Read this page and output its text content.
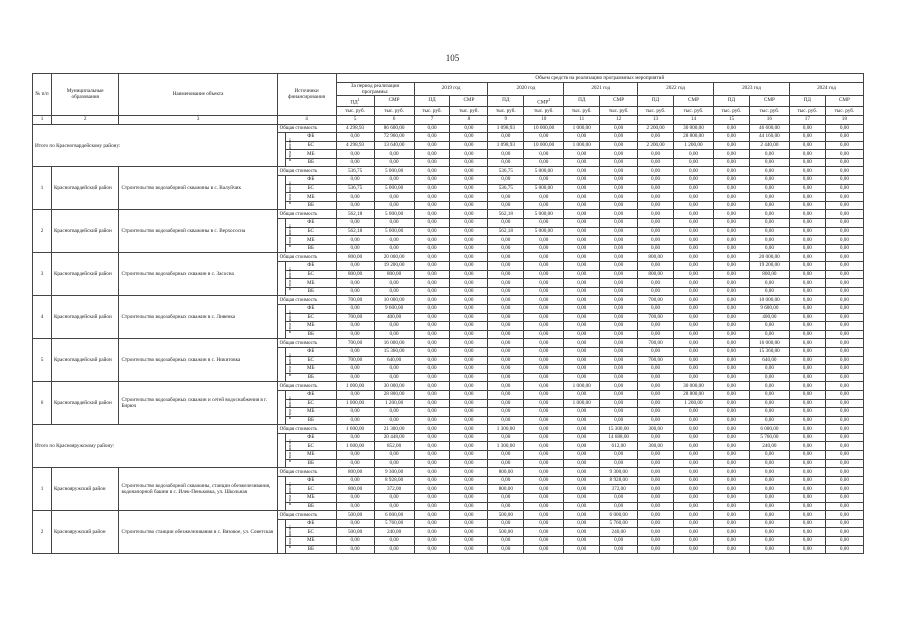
105
№ п/п	Муниципальные образования	Наименование объекта	Источники финансирования		Объем средств на реализацию программных мероприятий													
					За период реализации программы:		2019 год		2020 год		2021 год		2022 год		2023 год		2024 год	
					$ПД^1$	СМР	ПД	СМР	ПД	СМР$^2$	ПД	СМР	ПД	СМР	ПД	СМР	ПД	СМР
					тыс. руб.	тыс. руб.	тыс. руб.	тыс. руб.	тыс. руб.	тыс. руб.	тыс. руб.	тыс. руб.	тыс. руб.	тыс. руб.	тыс. руб.	тыс. руб.	тыс. руб.	тыс. руб.
1	2	3	4		5	6	7	8	9	10	11	12	13	14	15	16	17	18
Итого по Красногвардейскому району:			Общая стоимость		4 298,93	86 600,00	0,00	0,00	1 098,93	10 000,00	1 000,00	0,00	2 200,00	30 000,00	0,00	46 600,00	0,00	0,00
			в том числе:	ФБ	0,00	72 960,00	0,00	0,00	0,00	0,00	0,00	0,00	0,00	28 800,00	0,00	44 160,00	0,00	0,00
				БС	4 298,93	13 640,00	0,00	0,00	1 098,93	10 000,00	1 000,00	0,00	2 200,00	1 200,00	0,00	2 440,00	0,00	0,00
				МБ	0,00	0,00	0,00	0,00	0,00	0,00	0,00	0,00	0,00	0,00	0,00	0,00	0,00	0,00
				ВБ	0,00	0,00	0,00	0,00	0,00	0,00	0,00	0,00	0,00	0,00	0,00	0,00	0,00	0,00
1	Красногвардейский район	Строительство водозаборной скважины в с. Валуйчик	Общая стоимость		536,75	5 000,00	0,00	0,00	536,75	5 000,00	0,00	0,00	0,00	0,00	0,00	0,00	0,00	0,00
			в том числе:	ФБ	0,00	0,00	0,00	0,00	0,00	0,00	0,00	0,00	0,00	0,00	0,00	0,00	0,00	0,00
				БС	536,75	5 000,00	0,00	0,00	536,75	5 000,00	0,00	0,00	0,00	0,00	0,00	0,00	0,00	0,00
				МБ	0,00	0,00	0,00	0,00	0,00	0,00	0,00	0,00	0,00	0,00	0,00	0,00	0,00	0,00
				ВБ	0,00	0,00	0,00	0,00	0,00	0,00	0,00	0,00	0,00	0,00	0,00	0,00	0,00	0,00
2	Красногвардейский район	Строительство водозаборной скважины в с. Верхососна	Общая стоимость		562,18	5 000,00	0,00	0,00	562,18	5 000,00	0,00	0,00	0,00	0,00	0,00	0,00	0,00	0,00
			в том числе:	ФБ	0,00	0,00	0,00	0,00	0,00	0,00	0,00	0,00	0,00	0,00	0,00	0,00	0,00	0,00
				БС	562,18	5 000,00	0,00	0,00	562,18	5 000,00	0,00	0,00	0,00	0,00	0,00	0,00	0,00	0,00
				МБ	0,00	0,00	0,00	0,00	0,00	0,00	0,00	0,00	0,00	0,00	0,00	0,00	0,00	0,00
				ВБ	0,00	0,00	0,00	0,00	0,00	0,00	0,00	0,00	0,00	0,00	0,00	0,00	0,00	0,00
3	Красногвардейский район	Строительство водозаборных скважин в с. Засосна	Общая стоимость		800,00	20 000,00	0,00	0,00	0,00	0,00	0,00	0,00	800,00	0,00	0,00	20 000,00	0,00	0,00
			в том числе:	ФБ	0,00	19 200,00	0,00	0,00	0,00	0,00	0,00	0,00	0,00	0,00	0,00	19 200,00	0,00	0,00
				БС	800,00	800,00	0,00	0,00	0,00	0,00	0,00	0,00	800,00	0,00	0,00	800,00	0,00	0,00
				МБ	0,00	0,00	0,00	0,00	0,00	0,00	0,00	0,00	0,00	0,00	0,00	0,00	0,00	0,00
				ВБ	0,00	0,00	0,00	0,00	0,00	0,00	0,00	0,00	0,00	0,00	0,00	0,00	0,00	0,00
4	Красногвардейский район	Строительство водозаборных скважин в с. Ливенка	Общая стоимость		700,00	10 000,00	0,00	0,00	0,00	0,00	0,00	0,00	700,00	0,00	0,00	10 000,00	0,00	0,00
			в том числе:	ФБ	0,00	9 600,00	0,00	0,00	0,00	0,00	0,00	0,00	0,00	0,00	0,00	9 600,00	0,00	0,00
				БС	700,00	400,00	0,00	0,00	0,00	0,00	0,00	0,00	700,00	0,00	0,00	400,00	0,00	0,00
				МБ	0,00	0,00	0,00	0,00	0,00	0,00	0,00	0,00	0,00	0,00	0,00	0,00	0,00	0,00
				ВБ	0,00	0,00	0,00	0,00	0,00	0,00	0,00	0,00	0,00	0,00	0,00	0,00	0,00	0,00
5	Красногвардейский район	Строительство водозаборных скважин в с. Никитовка	Общая стоимость		700,00	16 000,00	0,00	0,00	0,00	0,00	0,00	0,00	700,00	0,00	0,00	16 000,00	0,00	0,00
			в том числе:	ФБ	0,00	15 360,00	0,00	0,00	0,00	0,00	0,00	0,00	0,00	0,00	0,00	15 360,00	0,00	0,00
				БС	700,00	640,00	0,00	0,00	0,00	0,00	0,00	0,00	700,00	0,00	0,00	640,00	0,00	0,00
				МБ	0,00	0,00	0,00	0,00	0,00	0,00	0,00	0,00	0,00	0,00	0,00	0,00	0,00	0,00
				ВБ	0,00	0,00	0,00	0,00	0,00	0,00	0,00	0,00	0,00	0,00	0,00	0,00	0,00	0,00
6	Красногвардейский район	Строительство водозаборных скважин и сетей водоснабжения в г. Бирюч	Общая стоимость		1 000,00	30 000,00	0,00	0,00	0,00	0,00	1 000,00	0,00	0,00	30 000,00	0,00	0,00	0,00	0,00
			в том числе:	ФБ	0,00	28 800,00	0,00	0,00	0,00	0,00	0,00	0,00	0,00	28 800,00	0,00	0,00	0,00	0,00
				БС	1 000,00	1 200,00	0,00	0,00	0,00	0,00	1 000,00	0,00	0,00	1 200,00	0,00	0,00	0,00	0,00
				МБ	0,00	0,00	0,00	0,00	0,00	0,00	0,00	0,00	0,00	0,00	0,00	0,00	0,00	0,00
				ВБ	0,00	0,00	0,00	0,00	0,00	0,00	0,00	0,00	0,00	0,00	0,00	0,00	0,00	0,00
Итого по Краснояружскому району:			Общая стоимость		1 600,00	21 300,00	0,00	0,00	1 300,00	0,00	0,00	15 300,00	300,00	0,00	0,00	6 000,00	0,00	0,00
			в том числе:	ФБ	0,00	20 448,00	0,00	0,00	0,00	0,00	0,00	14 688,00	0,00	0,00	0,00	5 760,00	0,00	0,00
				БС	1 600,00	852,00	0,00	0,00	1 300,00	0,00	0,00	612,00	300,00	0,00	0,00	240,00	0,00	0,00
				МБ	0,00	0,00	0,00	0,00	0,00	0,00	0,00	0,00	0,00	0,00	0,00	0,00	0,00	0,00
				ВБ	0,00	0,00	0,00	0,00	0,00	0,00	0,00	0,00	0,00	0,00	0,00	0,00	0,00	0,00
1	Краснояружский район	Строительство водозаборной скважины, станции обезжелезивания, водонапорной башни в с. Илек-Пеньковка, ул. Школьная	Общая стоимость		800,00	9 300,00	0,00	0,00	800,00	0,00	0,00	9 300,00	0,00	0,00	0,00	0,00	0,00	0,00
			в том числе:	ФБ	0,00	8 928,00	0,00	0,00	0,00	0,00	0,00	8 928,00	0,00	0,00	0,00	0,00	0,00	0,00
				БС	800,00	372,00	0,00	0,00	800,00	0,00	0,00	372,00	0,00	0,00	0,00	0,00	0,00	0,00
				МБ	0,00	0,00	0,00	0,00	0,00	0,00	0,00	0,00	0,00	0,00	0,00	0,00	0,00	0,00
				ВБ	0,00	0,00	0,00	0,00	0,00	0,00	0,00	0,00	0,00	0,00	0,00	0,00	0,00	0,00
2	Краснояружский район	Строительство станции обезжелезивания в с. Вязовое, ул. Советская	Общая стоимость		500,00	6 000,00	0,00	0,00	500,00	0,00	0,00	6 000,00	0,00	0,00	0,00	0,00	0,00	0,00
			в том числе:	ФБ	0,00	5 760,00	0,00	0,00	0,00	0,00	0,00	5 760,00	0,00	0,00	0,00	0,00	0,00	0,00
				БС	500,00	240,00	0,00	0,00	500,00	0,00	0,00	240,00	0,00	0,00	0,00	0,00	0,00	0,00
				МБ	0,00	0,00	0,00	0,00	0,00	0,00	0,00	0,00	0,00	0,00	0,00	0,00	0,00	0,00
				ВБ	0,00	0,00	0,00	0,00	0,00	0,00	0,00	0,00	0,00	0,00	0,00	0,00	0,00	0,00
